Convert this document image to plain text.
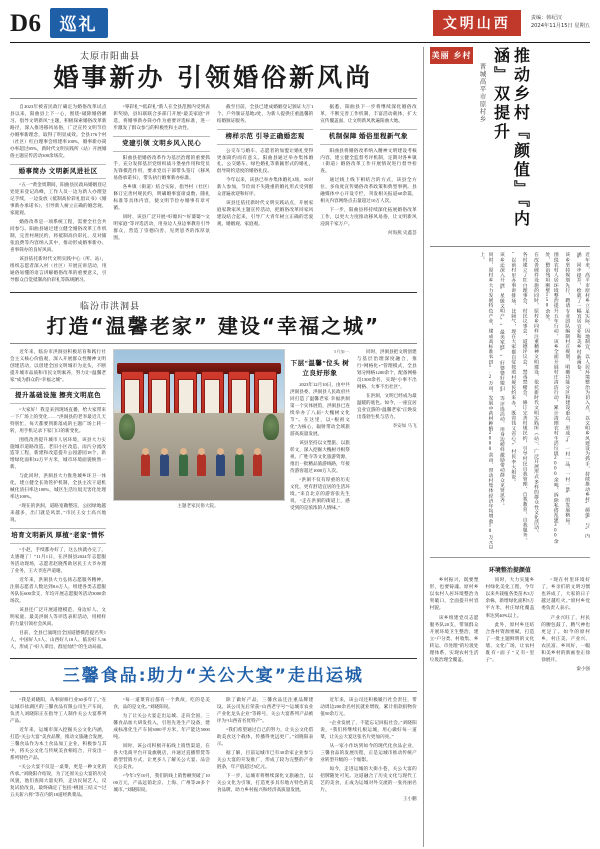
D6	巡礼	文明山西	责编：韩纪汉
2024年11月15日 星期五
太原市阳曲县
婚事新办 引领婚俗新风尚

自2023年被省民政厅确定为婚俗改革试点县以来，阳曲县上下一心，围绕“破除婚俗陋习、倡导文明新风”主题，积极探索婚俗改革新路径，深入推进移风易俗，广泛宣传文明节俭办婚事新理念，取得了明显成效。全县176个村（社区）红白理事会组建率100%，婚事新办简办率超过85%，新时代文明实践所（站）开展婚俗主题宣传活动300余场次。

婚事简办 文明新风进社区

“五一”黄金周期间，阳曲县民政局婚姻登记处迎来登记高峰，工作人员一边为新人办理登记手续，一边发放《抵制高价彩礼倡议书》《婚事新办承诺书》，引导新人树立正确的婚恋观、家庭观。

婚俗改革是一项系统工程，需要全社会共同参与。阳曲县通过建立健全婚俗改革工作机制，完善村规民约，将抵制高价彩礼、反对铺张浪费等内容纳入其中，推动形成婚事新办、喜事简办的良好风尚。

该县依托新时代文明实践中心（所、站），组织志愿者深入村（社区）开展宣讲活动，用通俗易懂的语言讲解婚俗改革的重要意义，引导群众自觉抵制高价彩礼等陈规陋习。

“零彩礼”“低彩礼”新人在全县范围内受到表彰奖励，县妇联联合多部门开展“最美家庭”评选，将婚事新办简办作为重要评选标准，进一步激发了群众参与的积极性和主动性。

党建引领 文明乡风入民心

阳曲县把婚俗改革作为基层治理的重要抓手，充分发挥基层党组织战斗堡垒作用和党员先锋模范作用，要求党员干部带头签订《移风易俗承诺书》，带头执行婚事新办标准。

各乡镇（街道）结合实际，指导村（社区）修订完善村规民约，明确婚事宴席桌数、随礼标准等具体内容，使文明节俭办婚事有章可循。

同时，该县广泛开展“好媳妇”“好婆婆”“文明家庭”等评选活动，用身边人身边事教育引导群众，营造了崇德向善、见贤思齐的浓厚氛围。

截至目前，全县已建成婚姻登记颁证大厅1个、户外颁证基地2处，为新人提供庄重温馨的结婚颁证服务。

榜样示范 引导正确婚恋观

公交车与婚车、志愿者的加盟让婚礼变得更加简约而有意义。阳曲县通过举办集体婚礼、公交婚车、绿色婚礼等新颖形式的婚礼，倡导简约适度的婚俗礼仪。

今年以来，该县已举办集体婚礼3场，50对新人参加，节俭而不失隆重的婚礼形式受到群众普遍欢迎和好评。

该县还依托新时代文明实践站点，开展家庭家教家风主题宣传活动，把婚俗改革同家风建设结合起来，引导广大青年树立正确的恋爱观、婚姻观、家庭观。

据悉，阳曲县下一步将继续深化婚俗改革，不断完善工作机制，丰富活动载体，扩大宣传覆盖面，让文明新风吹遍阳曲大地。

机制保障 婚俗里程新气象

阳曲县将婚俗改革纳入精神文明建设考核内容，建立健全监督考评机制，定期对各乡镇（街道）婚俗改革工作开展情况进行督导检查。

通过线上线下相结合的方式，该县全方位、多角度宣传婚俗改革政策和典型事例。县融媒体中心开设专栏，刊发相关报道60余篇，相关内容网络点击量超过10万人次。

下一步，阳曲县将持续深化拓展婚俗改革工作，以更大力度推动移风易俗，让文明新风浸润千家万户。

何海燕 史鑫荟
临汾市洪洞县
打造“温馨老家” 建设“幸福之城”

近年来，临汾市洪洞县积极培育和践行社会主义核心价值观，深入开展群众性精神文明创建活动，以创建全国文明城市为龙头，不断提升城市品质和市民文明素养，努力让“温馨老家”成为群众的“幸福之城”。

提升基础设施 擦亮文明底色

“大家好！我是来到现场直播，给大家带来一下广场上的变化……”洪洞县的老李最近几天特别忙，每天都要到新落成的主题广场上转一转，用手机记录下家门口的新变化。

围绕改善提升城市人居环境，该县大力实施城市道路改造、老旧小区改造、雨污分流改造等工程，新建和改造提升公园游园18个，新增绿化面积32万平方米，城市环境面貌焕然一新。

与此同时，洪洞县大力推进城乡环卫一体化，建立健全长效管护机制，全县主次干道机械化清扫率达100%，城区生活垃圾无害化处理率达100%。

“现在的洪洞，道路宽敞整洁，公园绿地越来越多，出门就是风景。”市民王女士高兴地说。

培育文明新风 厚植“老家”情怀

“小赵，手续都办好了，这么快就办完了，太感谢了！”11月1日，在洪洞县2024年志愿服务活动现场，志愿者赵晓帮助居民王大爷办理了业务，王大爷连声道谢。

近年来，洪洞县大力弘扬志愿服务精神，注册志愿者人数达到8.6万人，组建各类志愿服务队伍600余支，年均开展志愿服务活动3000余场次。

该县还广泛开展道德模范、身边好人、文明家庭、最美洪洞人等评选表彰活动，用榜样的力量引领社会风尚。

目前，全县已涌现出全国道德模范提名奖1人、中国好人5人、山西好人18人、临汾好人36人，形成了“好人辈出、群星灿烂”的生动局面。

主题老家民俗大院。
5月加一.
下层“温馨”位头 树立良好形象

2023年12月10日，由中共洪洞县委、洪洞县人民政府共同打造了温馨老家·幸福洪洞第一个实体展馆，洪洞县已连续举办了八届“大槐树文化节”。在这里，以“根祖文化”为核心，辐射带动全域旅游高质量发展。

该县坚持以文塑旅、以旅彰文，深入挖掘大槐树寻根祭祖、广胜寺等文化旅游资源，推出一批精品旅游线路，年接待游客超过1000万人次。

“洪洞不仅有厚重的历史文化，更有舒适宜居的生活环境。”来自北京的游客张先生说，“走在洪洞的街道上，感受到的是浓浓的人情味。”

同时，洪洞县把文明创建与基层治理深度融合，推行“网格化+”管理模式，全县划分网格1200余个，配备网格员1500余名，实现“小事不出网格、大事不出社区”。

在洪洞，文明已经成为最温暖的底色。如今，一座宜居宜业宜游的“温馨老家”正焕发出蓬勃生机与活力。

李安如 马飞
三馨食品:助力“关公大宴”走出运城

“我是刘晓阳，从事厨师行业30多年了。”在运城市盐湖区的三馨食品有限公司生产车间，负责人刘晓阳正在指导工人制作关公大宴系列产品。

近年来，运城市深入挖掘关公文化内涵，打造“关公大宴”美食品牌，推动文旅融合发展。三馨食品作为本土食品加工企业，积极参与其中，将关公文化与传统美食相结合，开发出一系列特色产品。

“关公大宴不仅是一桌菜，更是一种文化的传承。”刘晓阳介绍说，为了还原关公大宴的历史风貌，他们查阅大量史料，走访民间艺人，反复试验改良，最终确定了包括“桃园三结义”“过五关斩六将”等在内的18道经典菜品。

“每一道菜背后都有一个典故，吃的是美食，品的是文化。”刘晓阳说。

为了让关公大宴走出运城、走向全国，三馨食品加大研发投入，引进先进生产设备，建成标准化生产车间3000平方米，年产能达5000吨。

同时，该公司积极开拓线上销售渠道，在各大电商平台开设旗舰店，并通过直播带货等新型营销方式，让更多人了解关公大宴、品尝关公美食。

“今年1至10月，我们的线上销售额突破了1000万元，产品远销北京、上海、广州等20多个城市。”刘晓阳说。

除了做好产品，三馨食品还注重品牌建设。该公司先后荣获“山西老字号”“运城市农业产业化龙头企业”等称号，关公大宴系列产品被评为“山西省名优特产”。

“我们希望通过自己的努力，让关公文化借助美食这个载体，传播得更远更广。”刘晓阳表示。

据了解，目前运城市已有30余家企业参与关公大宴的开发推广，形成了较为完整的产业链条，年产值超过5亿元。

下一步，运城市将继续深化文旅融合，以关公文化为引领，打造更多具有地方特色的美食品牌，助力乡村振兴和经济高质量发展。

近年来，该公司还积极履行社会责任，带动周边200余名村民就业增收，累计捐款捐物价值50余万元。

“企业发展了，不能忘记回报社会。”刘晓阳说，“我们将继续扎根运城，用心做好每一道菜，让关公大宴这张名片更加闪亮。”

从一家小作坊到如今的现代化食品企业，三馨食品的发展历程，正是运城市推动传统产业转型升级的一个缩影。

如今，走进运城的大街小巷，关公大宴的招牌随处可见。这道融合了历史文化与现代工艺的美食，正成为运城对外交流的一张亮丽名片。

王小鹏
美丽 乡村
晋城高平市原村乡	推动乡村『颜值』『内涵』双提升
近年来，高平市原村乡立足实际、因地制宜，以人居环境整治为切入点，以文明乡风建设为抓手，持续推动乡村“颜值”与“内涵”同步提升，绘就了一幅宜居宜业和美乡村新画卷。
该乡坚持规划先行，聘请专业团队编制村庄规划，明确功能分区和建设重点，形成了“一村一品、一村一景”的发展格局。
围绕农村人居环境整治提升五年行动，该乡全面开展村庄清洁行动，累计清理农村生活垃圾2000余吨，拆除私搭乱建300余处，整治残垣断壁150余处。
在改善硬件设施的同时，原村乡同样注重精神文明建设，依托新时代文明实践所（站），广泛开展形式多样的群众性文化活动。
各村建立了红白理事会、村民议事会、道德评议会、禁毒禁赌会，修订完善村规民约，引导村民自我管理、自我教育、自我服务。
“以前村里办事讲排场、比阔气，现在大家都自觉按照村规民约来办，既省钱又省心。”村民李大姐说。
该乡还深入开展“星级文明户”“最美家庭”“好婆婆好媳妇”等评选活动，用身边榜样激励带动群众见贤思齐。
同时，原村乡大力发展特色产业，建成高标准农田1.2万亩，发展中药材种植2000余亩，带动村集体经济年均增收10万元以上。
环境整治提颜值

乡村振兴，既要塑形，也要铸魂。原村乡以农村人居环境整治为突破口，全面提升村容村貌。

该乡组建党员志愿服务队20支，带领群众开展环境卫生整治，建立“户分类、村收集、乡转运、市处理”的垃圾处理体系，实现农村生活垃圾治理全覆盖。

同时，大力实施乡村绿化美化工程，今年以来共栽植各类苗木3万余株，新增绿化面积5万平方米，村庄绿化覆盖率达到40%以上。

此外，原村乡还结合各村资源禀赋，打造了一批主题鲜明的文化墙、文化广场，让农村既有“面子”又有“里子”。

“现在村里环境好了，乡亲们的文明习惯也养成了，大家的日子越过越红火。”原村乡党委负责人表示。

产业兴旺了，村民的腰包鼓了，精气神也更足了。如今的原村乡，村庄美、产业兴、农民富、乡风好，一幅和美乡村的新画卷正徐徐展开。

秦小强
